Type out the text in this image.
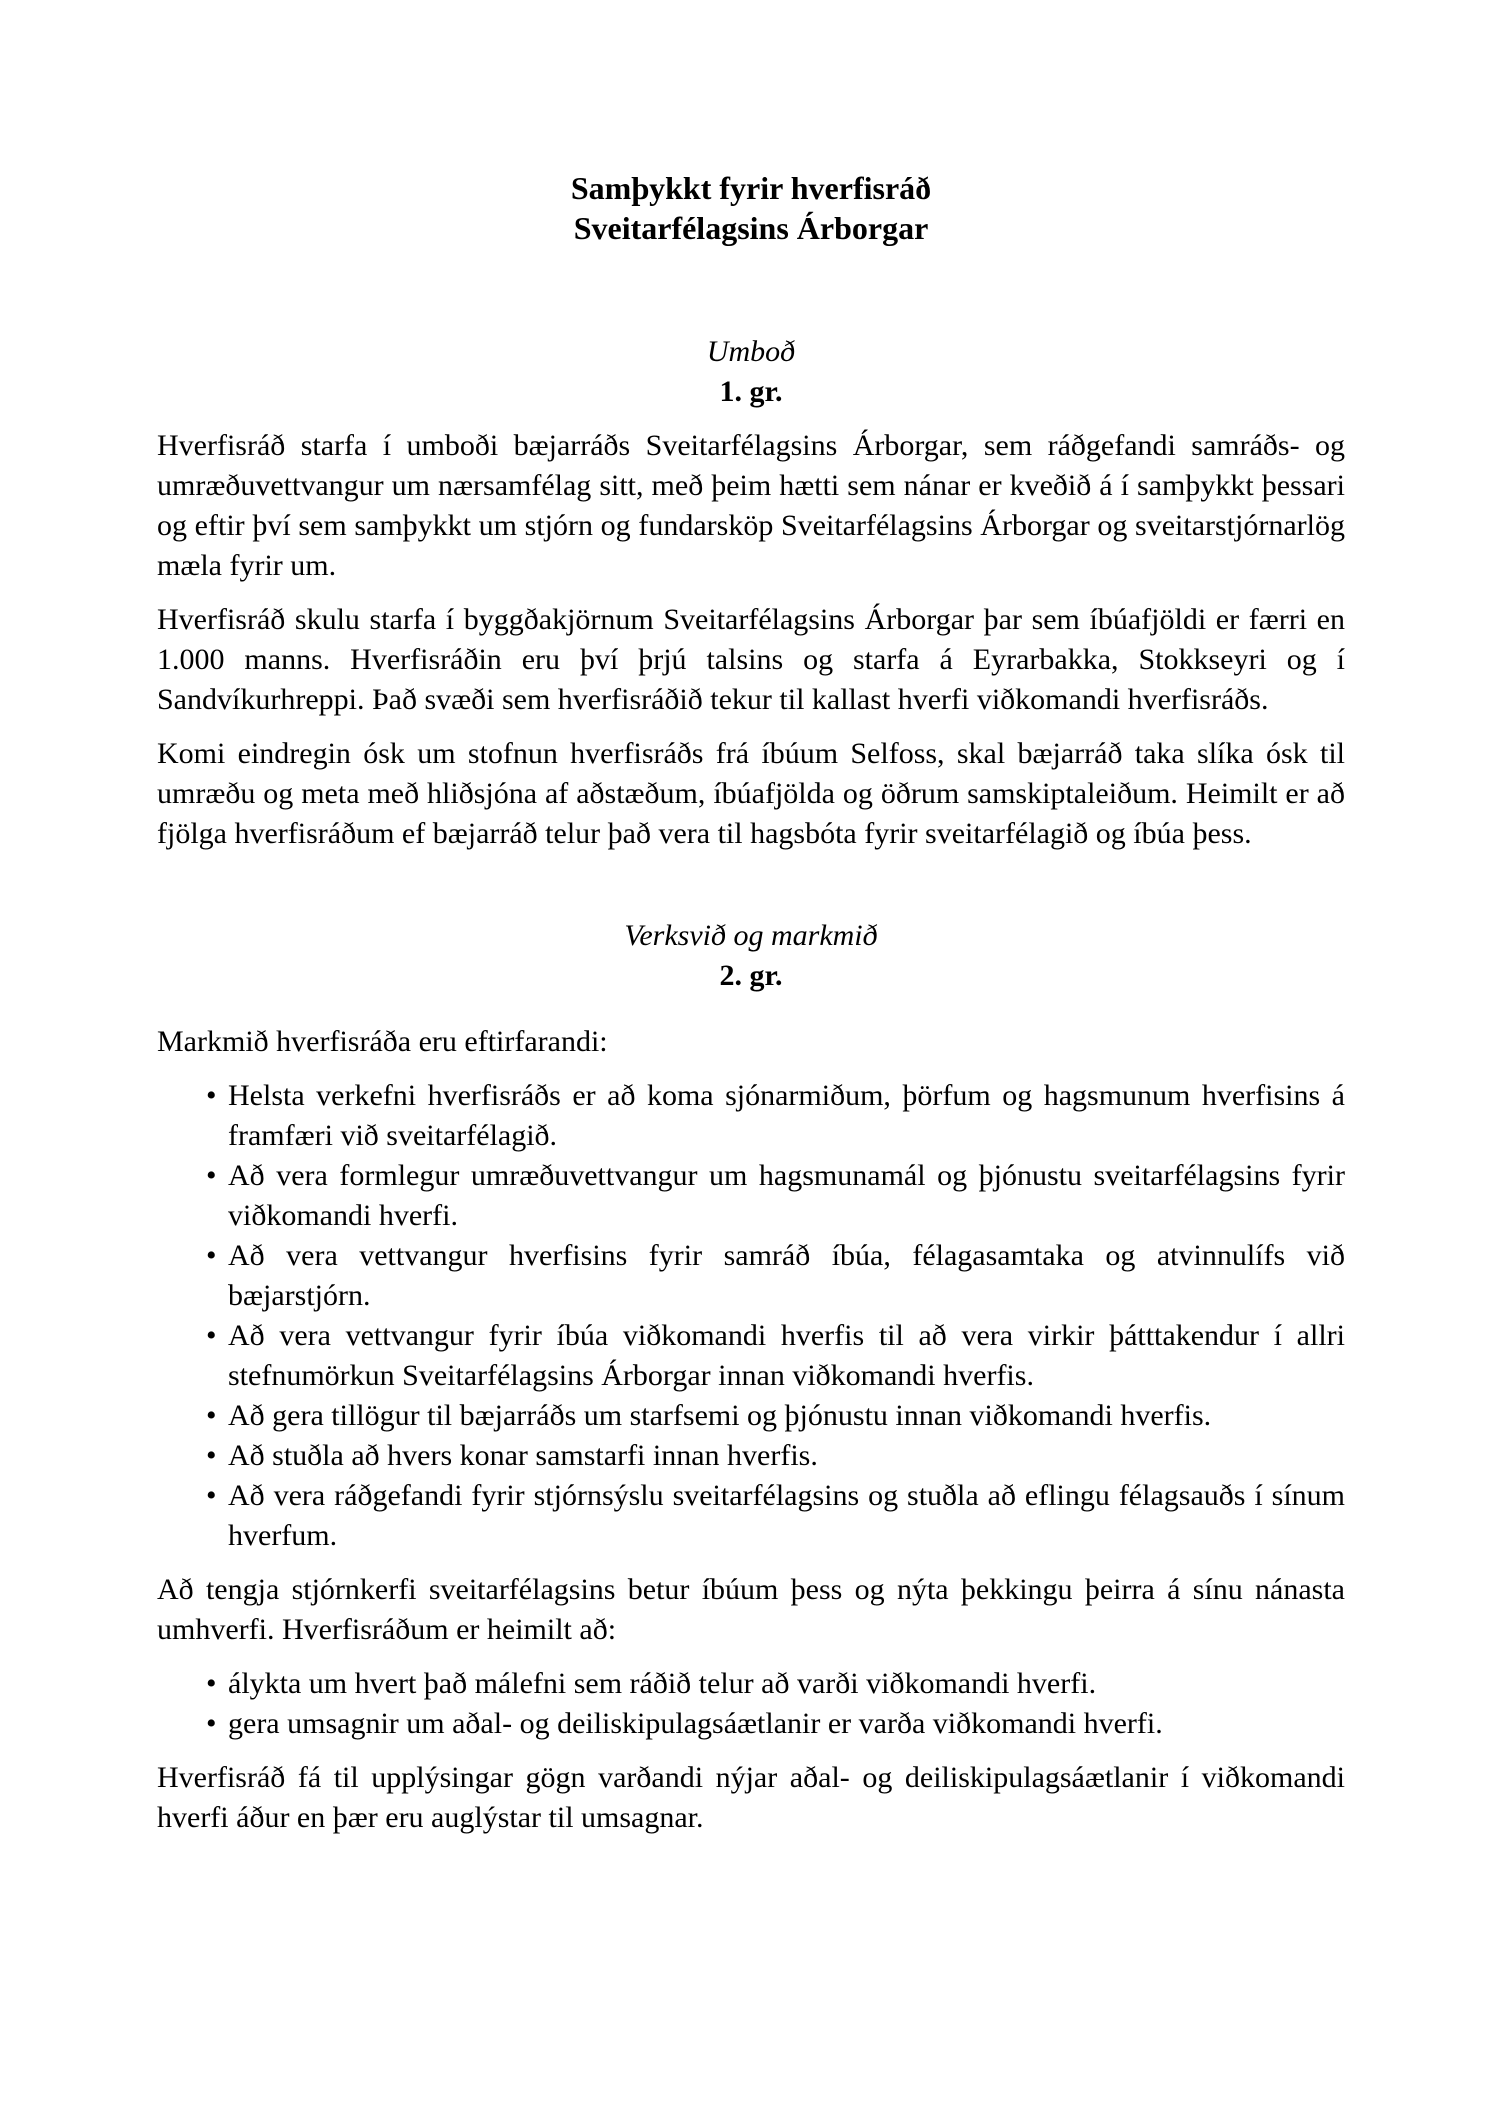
Samþykkt fyrir hverfisráð
Sveitarfélagsins Árborgar
Umboð
1. gr.

Hverfisráð starfa í umboði bæjarráðs Sveitarfélagsins Árborgar, sem ráðgefandi samráðs- og umræðuvettvangur um nærsamfélag sitt, með þeim hætti sem nánar er kveðið á í samþykkt þessari og eftir því sem samþykkt um stjórn og fundarsköp Sveitarfélagsins Árborgar og sveitarstjórnarlög mæla fyrir um.

Hverfisráð skulu starfa í byggðakjörnum Sveitarfélagsins Árborgar þar sem íbúafjöldi er færri en 1.000 manns. Hverfisráðin eru því þrjú talsins og starfa á Eyrarbakka, Stokkseyri og í Sandvíkurhreppi. Það svæði sem hverfisráðið tekur til kallast hverfi viðkomandi hverfisráðs.

Komi eindregin ósk um stofnun hverfisráðs frá íbúum Selfoss, skal bæjarráð taka slíka ósk til umræðu og meta með hliðsjóna af aðstæðum, íbúafjölda og öðrum samskiptaleiðum. Heimilt er að fjölga hverfisráðum ef bæjarráð telur það vera til hagsbóta fyrir sveitarfélagið og íbúa þess.

Verksvið og markmið
2. gr.

Markmið hverfisráða eru eftirfarandi:

• Helsta verkefni hverfisráðs er að koma sjónarmiðum, þörfum og hagsmunum hverfisins á framfæri við sveitarfélagið.
• Að vera formlegur umræðuvettvangur um hagsmunamál og þjónustu sveitarfélagsins fyrir viðkomandi hverfi.
• Að vera vettvangur hverfisins fyrir samráð íbúa, félagasamtaka og atvinnulífs við bæjarstjórn.
• Að vera vettvangur fyrir íbúa viðkomandi hverfis til að vera virkir þátttakendur í allri stefnumörkun Sveitarfélagsins Árborgar innan viðkomandi hverfis.
• Að gera tillögur til bæjarráðs um starfsemi og þjónustu innan viðkomandi hverfis.
• Að stuðla að hvers konar samstarfi innan hverfis.
• Að vera ráðgefandi fyrir stjórnsýslu sveitarfélagsins og stuðla að eflingu félagsauðs í sínum hverfum.

Að tengja stjórnkerfi sveitarfélagsins betur íbúum þess og nýta þekkingu þeirra á sínu nánasta umhverfi. Hverfisráðum er heimilt að:

• álykta um hvert það málefni sem ráðið telur að varði viðkomandi hverfi.
• gera umsagnir um aðal- og deiliskipulagsáætlanir er varða viðkomandi hverfi.

Hverfisráð fá til upplýsingar gögn varðandi nýjar aðal- og deiliskipulagsáætlanir í viðkomandi hverfi áður en þær eru auglýstar til umsagnar.
